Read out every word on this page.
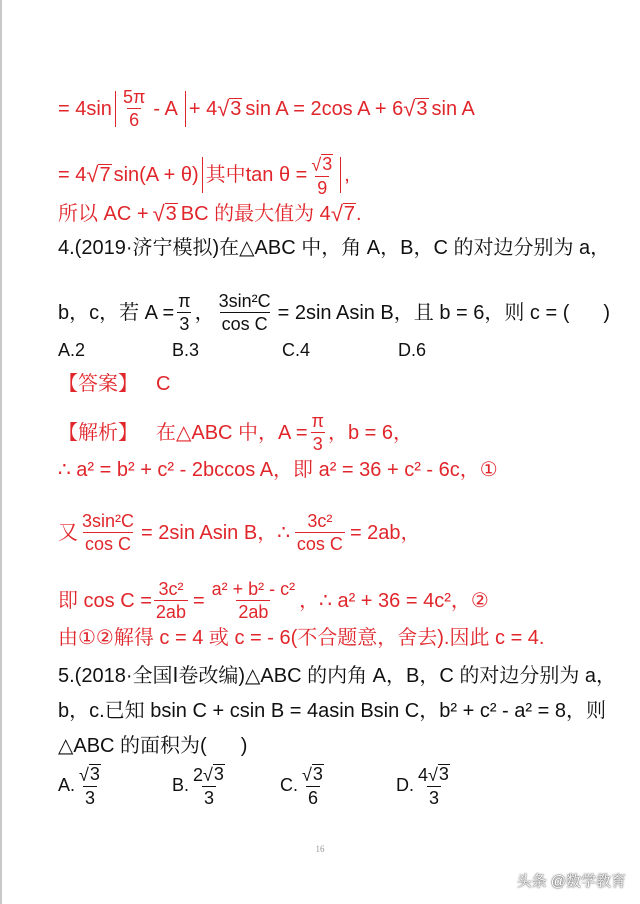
= $4\sin \frac{5\pi}{6} - A + 4$ √ 3 sin A = 2cos A + 6 √ 3 sin A
= 4 √ 7 sin(A + θ) 其中$\tan \theta = \frac{√ 3}{9}$ ,
所以 AC + √ 3 BC 的最大值为 4 √ 7 .
4.(2019·济宁模拟)在△ABC 中，角 A，B，C 的对边分别为 a，
b，c，若 $A = \frac{\pi}{3}$ ， $\frac{\text{3sin²C}}{\text{cos C}} = 2\sin$ Asin B，且 b = 6，则 c = ( )
A.2	B.3	C.4	D.6
【答案】 C
【解析】 在△ABC 中，$A = \frac{\pi}{3}$ ，b = 6，
∴ a² = b² + c² - 2bccos A，即 a² = 36 + c² - 6c，①
又 $\frac{\text{3sin²C}}{\text{cos C}} = 2\sin$ Asin B，∴ $\frac{\text{3c²}}{\text{cos C}} = 2ab$，
即 $\cos C = \frac{\text{3c²}}{2ab} = \frac{\text{a² + b² - c²}}{2ab}$ ，∴ a² + 36 = 4c²，②
由①②解得 c = 4 或 c = - 6(不合题意，舍去).因此 c = 4.
5.(2018·全国Ⅰ卷改编)△ABC 的内角 A，B，C 的对边分别为 a，
b，c.已知 bsin C + csin B = 4asin Bsin C，b² + c² - a² = 8，则
△ABC 的面积为( )
A. $\frac{√ 3}{3}$	B. $\frac{2 √ 3}{3}$	C. $\frac{√ 3}{6}$	D. $\frac{4 √ 3}{3}$
16
头条 @数学教育
